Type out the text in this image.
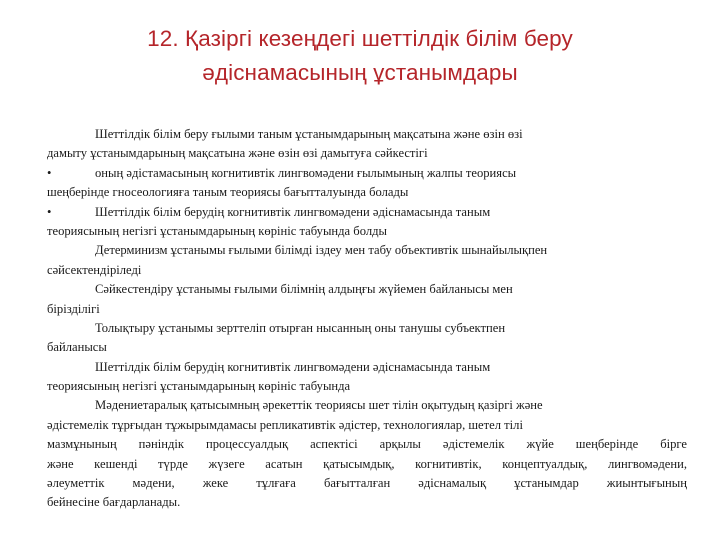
12. Қазіргі кезеңдегі шеттілдік білім беру
әдіснамасының ұстанымдары
Шеттілдік білім беру ғылыми таным ұстанымдарының мақсатына және өзін өзі
дамыту ұстанымдарының мақсатына және өзін өзі дамытуға сәйкестігі
•	оның әдістамасының когнитивтік лингвомәдени ғылымының жалпы теориясы
шеңберінде гносеологияға таным теориясы бағытталуында болады
•	Шеттілдік білім берудің когнитивтік лингвомәдени әдіснамасында таным
теориясының негізгі ұстанымдарының көрініс табуында болды
Детерминизм ұстанымы ғылыми білімді іздеу мен табу объективтік шынайылықпен
сәйсектендіріледі
Сәйкестендіру ұстанымы ғылыми білімнің алдыңғы жүйемен байланысы мен
бірізділігі
Толықтыру ұстанымы зерттеліп отырған нысанның оны танушы субъектпен
байланысы
Шеттілдік білім берудің когнитивтік лингвомәдени әдіснамасында таным
теориясының негізгі ұстанымдарының көрініс табуында
Мәдениетаралық қатысымның әрекеттік теориясы шет тілін оқытудың қазіргі және
әдістемелік тұрғыдан тұжырымдамасы репликативтік әдістер, технологиялар, шетел тілі
мазмұнының пәніндік процессуалдық аспектісі арқылы әдістемелік жүйе шеңберінде бірге
және кешенді түрде жүзеге асатын қатысымдық, когнитивтік, концептуалдық, лингвомәдени,
әлеуметтік мәдени, жеке тұлғаға бағытталған әдіснамалық ұстанымдар жиынтығының
бейнесіне бағдарланады.
